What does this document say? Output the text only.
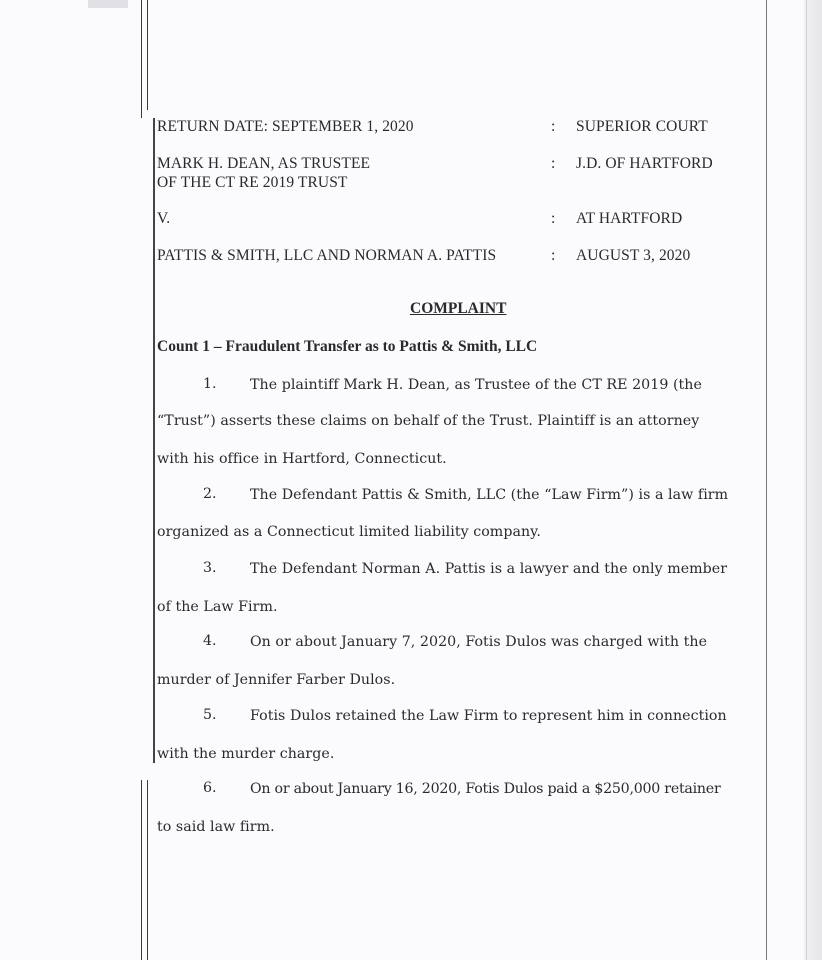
RETURN DATE: SEPTEMBER 1, 2020
MARK H. DEAN, AS TRUSTEE
OF THE CT RE 2019 TRUST
V.
PATTIS & SMITH, LLC AND NORMAN A. PATTIS
:
:
:
:
SUPERIOR COURT
J.D. OF HARTFORD
AT HARTFORD
AUGUST 3, 2020
COMPLAINT
Count 1 – Fraudulent Transfer as to Pattis & Smith, LLC
1. The plaintiff Mark H. Dean, as Trustee of the CT RE 2019 (the
“Trust”) asserts these claims on behalf of the Trust. Plaintiff is an attorney
with his office in Hartford, Connecticut.
2. The Defendant Pattis & Smith, LLC (the “Law Firm”) is a law firm
organized as a Connecticut limited liability company.
3. The Defendant Norman A. Pattis is a lawyer and the only member
of the Law Firm.
4. On or about January 7, 2020, Fotis Dulos was charged with the
murder of Jennifer Farber Dulos.
5. Fotis Dulos retained the Law Firm to represent him in connection
with the murder charge.
6. On or about January 16, 2020, Fotis Dulos paid a $250,000 retainer
to said law firm.
